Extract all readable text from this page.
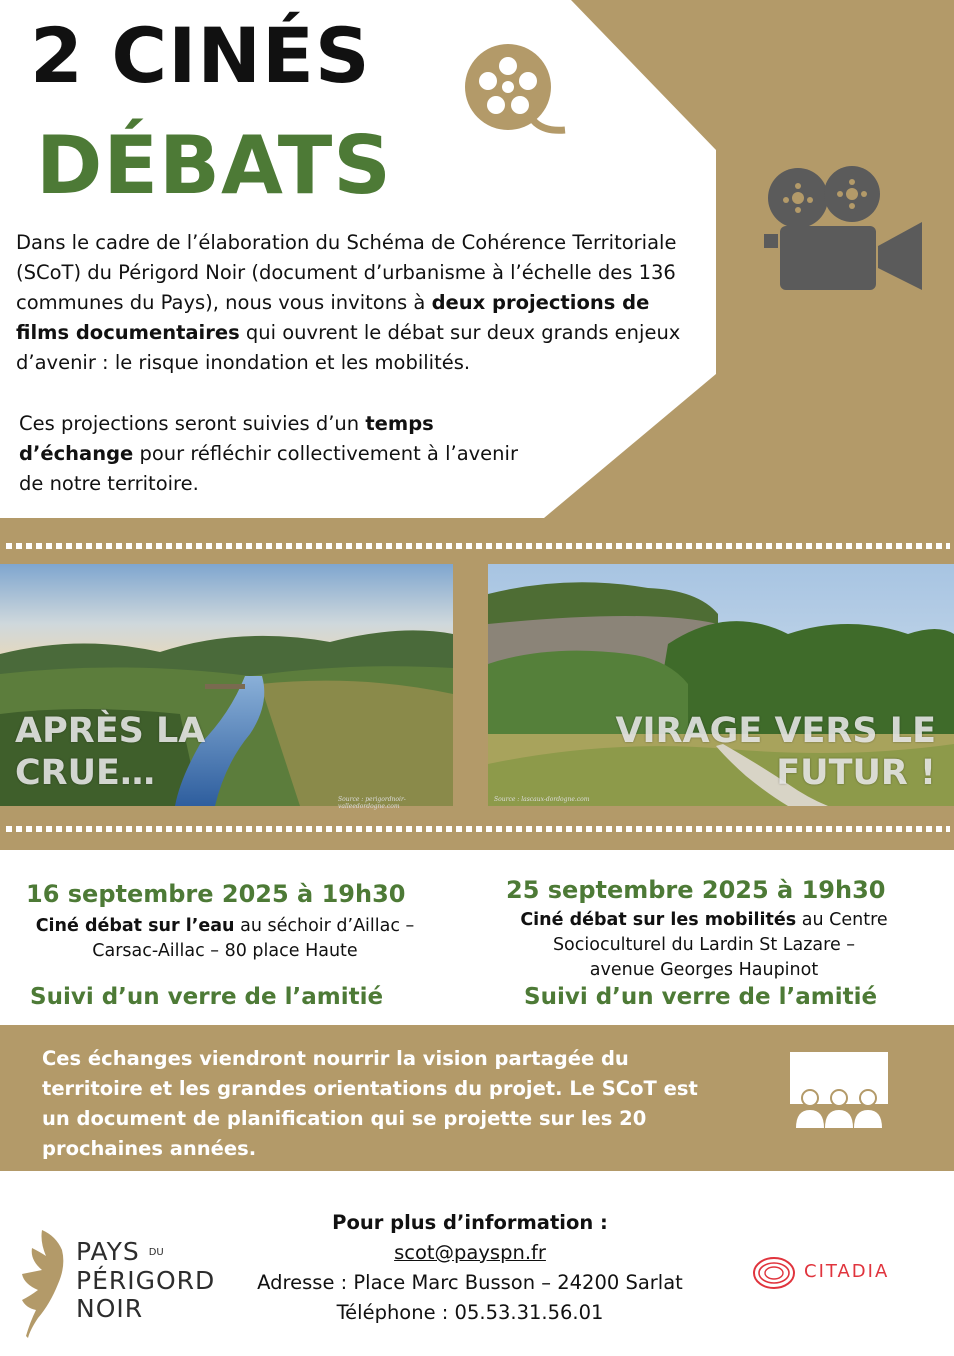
2 CINÉS
DÉBATS
Dans le cadre de l’élaboration du Schéma de Cohérence Territoriale (SCoT) du Périgord Noir (document d’urbanisme à l’échelle des 136 communes du Pays), nous vous invitons à deux projections de films documentaires qui ouvrent le débat sur deux grands enjeux d’avenir : le risque inondation et les mobilités.
Ces projections seront suivies d’un temps d’échange pour réfléchir collectivement à l’avenir de notre territoire.
APRÈS LA
CRUE…
Source : perigordnoir-valleedordogne.com
VIRAGE VERS LE
FUTUR !
Source : lascaux-dordogne.com
16 septembre 2025 à 19h30
Ciné débat sur l’eau au séchoir d’Aillac –
Carsac-Aillac – 80 place Haute
Suivi d’un verre de l’amitié
25 septembre 2025 à 19h30
Ciné débat sur les mobilités au Centre
Socioculturel du Lardin St Lazare –
avenue Georges Haupinot
Suivi d’un verre de l’amitié
Ces échanges viendront nourrir la vision partagée du territoire et les grandes orientations du projet. Le SCoT est un document de planification qui se projette sur les 20 prochaines années.
Pour plus d’information :
scot@payspn.fr
Adresse : Place Marc Busson – 24200 Sarlat
Téléphone : 05.53.31.56.01
PAYS DU
PÉRIGORD
NOIR
CITADIA
